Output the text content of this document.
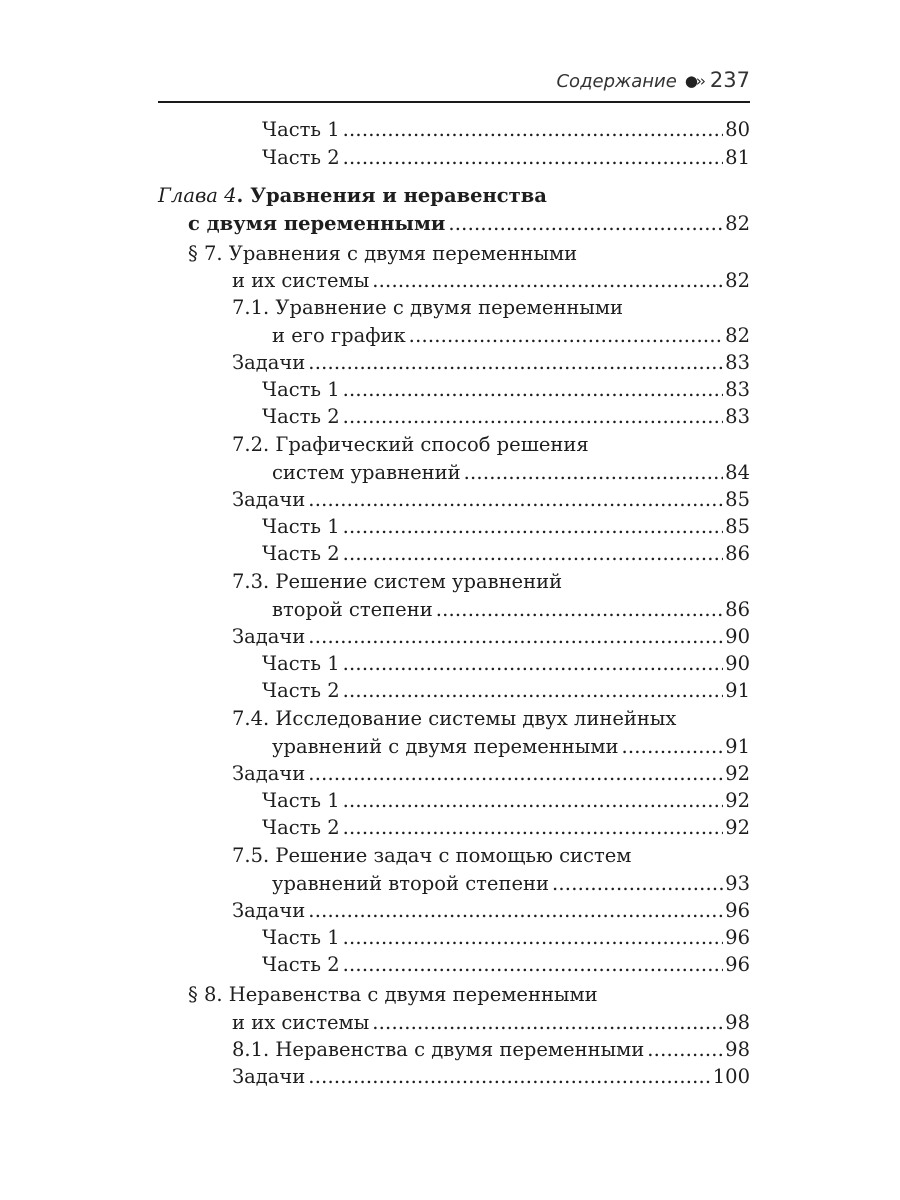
Содержание ●›› 237
Часть 1 . . .	80
Часть 2 . . .	81
Глава 4. Уравнения и неравенства
с двумя переменными . . .	82
§ 7. Уравнения с двумя переменными
и их системы . . .	82
7.1. Уравнение с двумя переменными
и его график . . .	82
Задачи . . .	83
Часть 1 . . .	83
Часть 2 . . .	83
7.2. Графический способ решения
систем уравнений . . .	84
Задачи . . .	85
Часть 1 . . .	85
Часть 2 . . .	86
7.3. Решение систем уравнений
второй степени . . .	86
Задачи . . .	90
Часть 1 . . .	90
Часть 2 . . .	91
7.4. Исследование системы двух линейных
уравнений с двумя переменными . . .	91
Задачи . . .	92
Часть 1 . . .	92
Часть 2 . . .	92
7.5. Решение задач с помощью систем
уравнений второй степени . . .	93
Задачи . . .	96
Часть 1 . . .	96
Часть 2 . . .	96
§ 8. Неравенства с двумя переменными
и их системы . . .	98
8.1. Неравенства с двумя переменными . . .	98
Задачи . . .	100
